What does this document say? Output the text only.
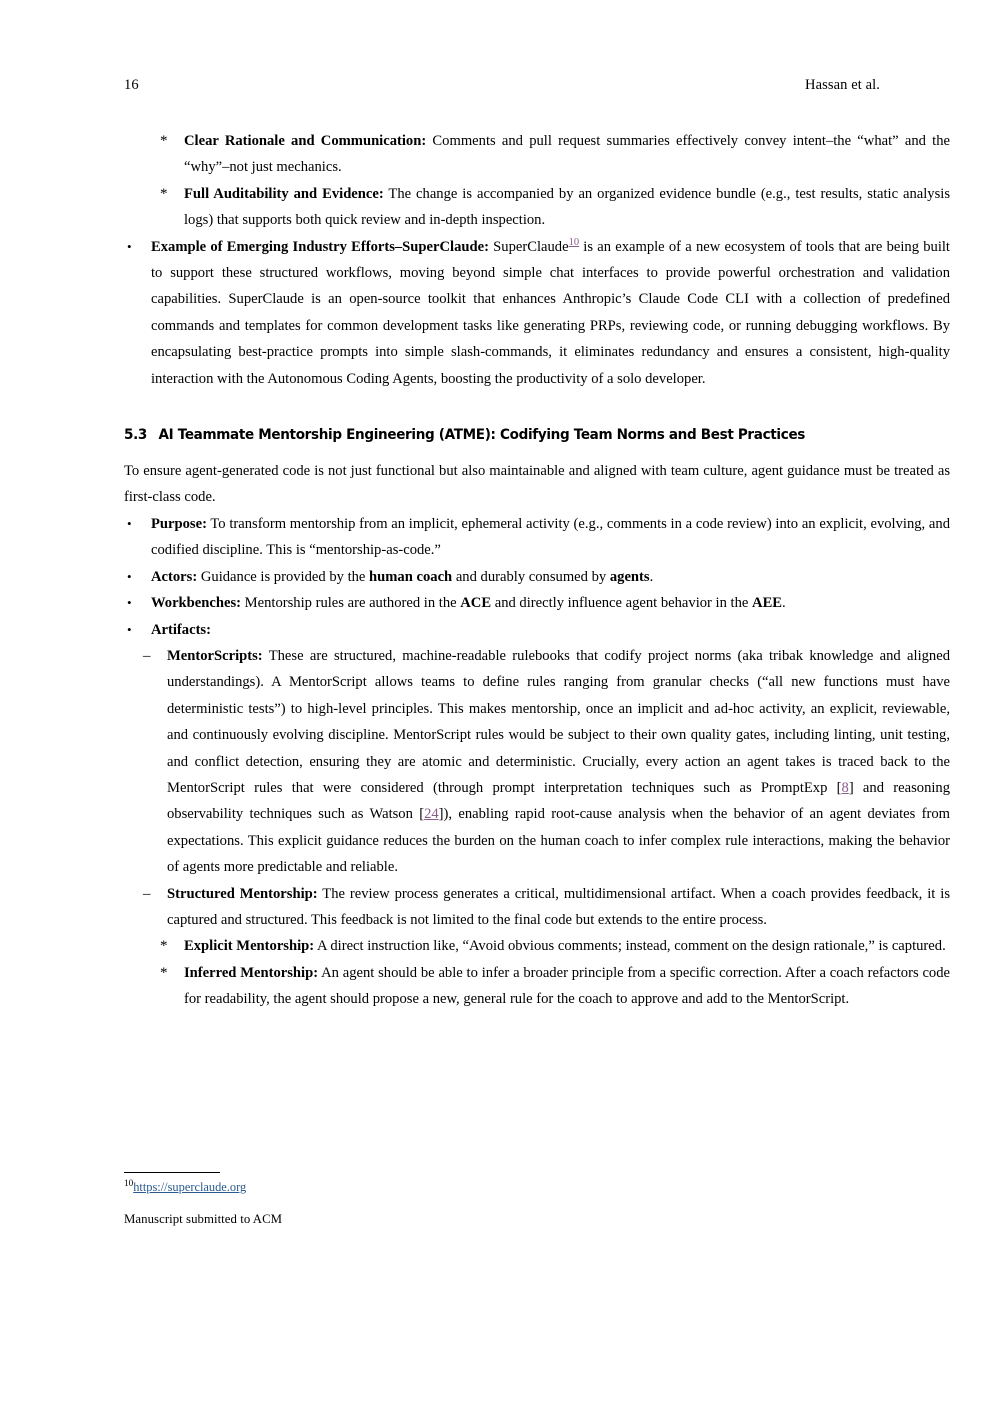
16	Hassan et al.
*	Clear Rationale and Communication: Comments and pull request summaries effectively convey intent–the “what” and the “why”–not just mechanics.
*	Full Auditability and Evidence: The change is accompanied by an organized evidence bundle (e.g., test results, static analysis logs) that supports both quick review and in-depth inspection.
•	Example of Emerging Industry Efforts–SuperClaude: SuperClaude$^{10}$ is an example of a new ecosystem of tools that are being built to support these structured workflows, moving beyond simple chat interfaces to provide powerful orchestration and validation capabilities. SuperClaude is an open-source toolkit that enhances Anthropic’s Claude Code CLI with a collection of predefined commands and templates for common development tasks like generating PRPs, reviewing code, or running debugging workflows. By encapsulating best-practice prompts into simple slash-commands, it eliminates redundancy and ensures a consistent, high-quality interaction with the Autonomous Coding Agents, boosting the productivity of a solo developer.
5.3 AI Teammate Mentorship Engineering (ATME): Codifying Team Norms and Best Practices

To ensure agent-generated code is not just functional but also maintainable and aligned with team culture, agent guidance must be treated as first-class code.

•	Purpose: To transform mentorship from an implicit, ephemeral activity (e.g., comments in a code review) into an explicit, evolving, and codified discipline. This is “mentorship-as-code.”
•	Actors: Guidance is provided by the human coach and durably consumed by agents.
•	Workbenches: Mentorship rules are authored in the ACE and directly influence agent behavior in the AEE.
•	Artifacts:
–	MentorScripts: These are structured, machine-readable rulebooks that codify project norms (aka tribak knowledge and aligned understandings). A MentorScript allows teams to define rules ranging from granular checks (“all new functions must have deterministic tests”) to high-level principles. This makes mentorship, once an implicit and ad-hoc activity, an explicit, reviewable, and continuously evolving discipline. MentorScript rules would be subject to their own quality gates, including linting, unit testing, and conflict detection, ensuring they are atomic and deterministic. Crucially, every action an agent takes is traced back to the MentorScript rules that were considered (through prompt interpretation techniques such as PromptExp [8] and reasoning observability techniques such as Watson [24]), enabling rapid root-cause analysis when the behavior of an agent deviates from expectations. This explicit guidance reduces the burden on the human coach to infer complex rule interactions, making the behavior of agents more predictable and reliable.
–	Structured Mentorship: The review process generates a critical, multidimensional artifact. When a coach provides feedback, it is captured and structured. This feedback is not limited to the final code but extends to the entire process.
*	Explicit Mentorship: A direct instruction like, “Avoid obvious comments; instead, comment on the design rationale,” is captured.
*	Inferred Mentorship: An agent should be able to infer a broader principle from a specific correction. After a coach refactors code for readability, the agent should propose a new, general rule for the coach to approve and add to the MentorScript.
$^{10}$https://superclaude.org
Manuscript submitted to ACM
